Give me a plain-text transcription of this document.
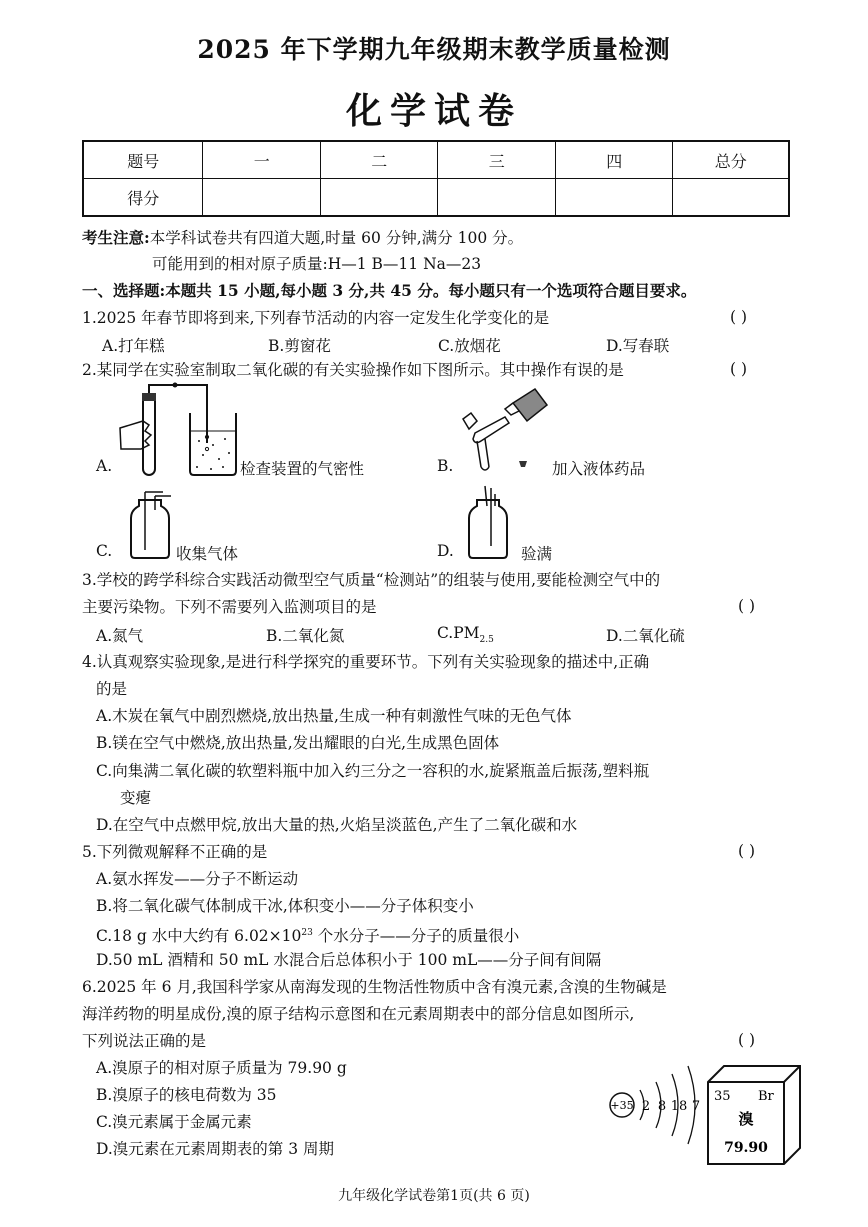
2025 年下学期九年级期末教学质量检测
化学试卷
题号	一	二	三	四	总分
得分					
考生注意:本学科试卷共有四道大题,时量 60 分钟,满分 100 分。
可能用到的相对原子质量:H—1 B—11 Na—23
一、选择题:本题共 15 小题,每小题 3 分,共 45 分。每小题只有一个选项符合题目要求。
1.2025 年春节即将到来,下列春节活动的内容一定发生化学变化的是	( )
A.打年糕	B.剪窗花	C.放烟花	D.写春联
2.某同学在实验室制取二氧化碳的有关实验操作如下图所示。其中操作有误的是	( )
A.	检查装置的气密性	B.	加入液体药品
C.	收集气体	D.	验满
3.学校的跨学科综合实践活动微型空气质量“检测站”的组装与使用,要能检测空气中的
主要污染物。下列不需要列入监测项目的是	( )
A.氮气	B.二氧化氮	$C.PM_{2.5}$	D.二氧化硫
4.认真观察实验现象,是进行科学探究的重要环节。下列有关实验现象的描述中,正确
的是
A.木炭在氧气中剧烈燃烧,放出热量,生成一种有刺激性气味的无色气体
B.镁在空气中燃烧,放出热量,发出耀眼的白光,生成黑色固体
C.向集满二氧化碳的软塑料瓶中加入约三分之一容积的水,旋紧瓶盖后振荡,塑料瓶
变瘪
D.在空气中点燃甲烷,放出大量的热,火焰呈淡蓝色,产生了二氧化碳和水
5.下列微观解释不正确的是	( )
A.氨水挥发——分子不断运动
B.将二氧化碳气体制成干冰,体积变小——分子体积变小
C.18 g 水中大约有 $6.02\times 10^{23}$ 个水分子——分子的质量很小
D.50 mL 酒精和 50 mL 水混合后总体积小于 100 mL——分子间有间隔
6.2025 年 6 月,我国科学家从南海发现的生物活性物质中含有溴元素,含溴的生物碱是
海洋药物的明星成份,溴的原子结构示意图和在元素周期表中的部分信息如图所示,
下列说法正确的是	( )
A.溴原子的相对原子质量为 79.90 g
B.溴原子的核电荷数为 35
C.溴元素属于金属元素
D.溴元素在元素周期表的第 3 周期
+35 2 8 18 7
35 Br
溴
79.90
九年级化学试卷第1页(共 6 页)
